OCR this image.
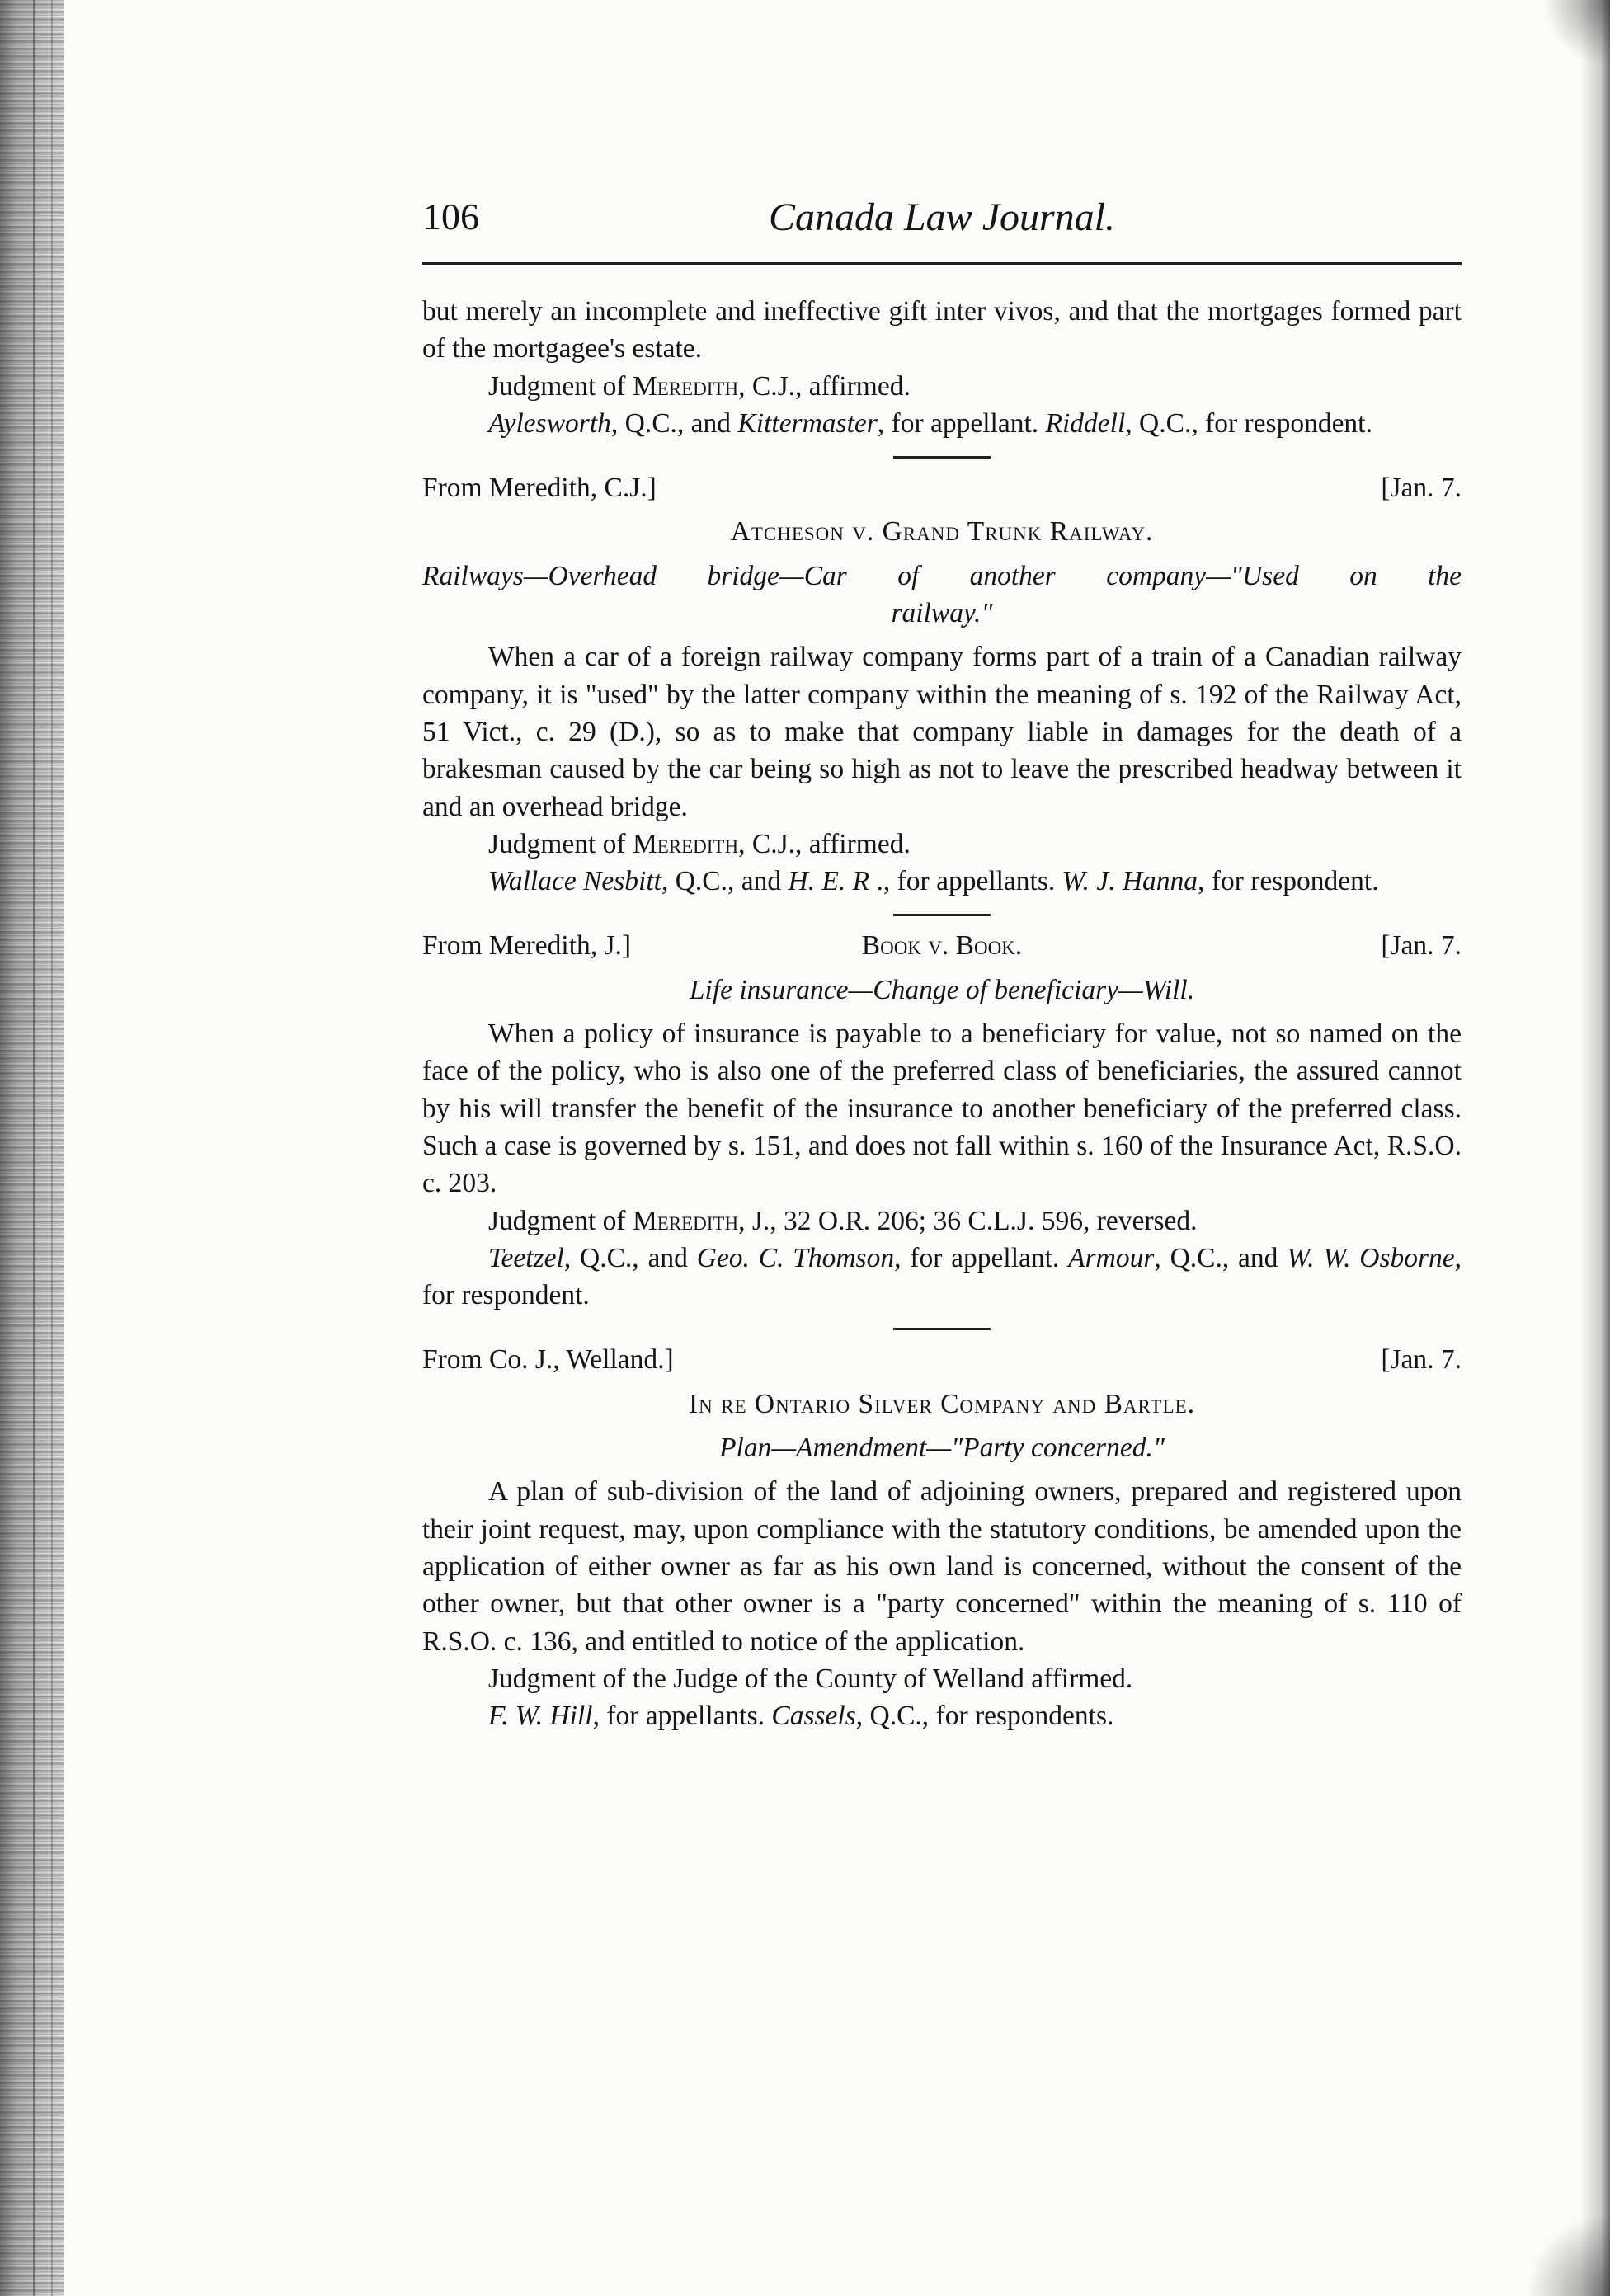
106	Canada Law Journal.

but merely an incomplete and ineffective gift inter vivos, and that the mortgages formed part of the mortgagee's estate.

Judgment of Meredith, C.J., affirmed.

Aylesworth, Q.C., and Kittermaster, for appellant. Riddell, Q.C., for respondent.

From Meredith, C.J.]	[Jan. 7.

Atcheson v. Grand Trunk Railway.

Railways—Overhead bridge—Car of another company—"Used on the

railway."

When a car of a foreign railway company forms part of a train of a Canadian railway company, it is "used" by the latter company within the meaning of s. 192 of the Railway Act, 51 Vict., c. 29 (D.), so as to make that company liable in damages for the death of a brakesman caused by the car being so high as not to leave the prescribed headway between it and an overhead bridge.

Judgment of Meredith, C.J., affirmed.

Wallace Nesbitt, Q.C., and H. E. R ., for appellants. W. J. Hanna, for respondent.

From Meredith, J.]	Book v. Book.	[Jan. 7.

Life insurance—Change of beneficiary—Will.

When a policy of insurance is payable to a beneficiary for value, not so named on the face of the policy, who is also one of the preferred class of beneficiaries, the assured cannot by his will transfer the benefit of the insurance to another beneficiary of the preferred class. Such a case is governed by s. 151, and does not fall within s. 160 of the Insurance Act, R.S.O. c. 203.

Judgment of Meredith, J., 32 O.R. 206; 36 C.L.J. 596, reversed.

Teetzel, Q.C., and Geo. C. Thomson, for appellant. Armour, Q.C., and W. W. Osborne, for respondent.

From Co. J., Welland.]	[Jan. 7.

In re Ontario Silver Company and Bartle.

Plan—Amendment—"Party concerned."

A plan of sub-division of the land of adjoining owners, prepared and registered upon their joint request, may, upon compliance with the statutory conditions, be amended upon the application of either owner as far as his own land is concerned, without the consent of the other owner, but that other owner is a "party concerned" within the meaning of s. 110 of R.S.O. c. 136, and entitled to notice of the application.

Judgment of the Judge of the County of Welland affirmed.

F. W. Hill, for appellants. Cassels, Q.C., for respondents.
